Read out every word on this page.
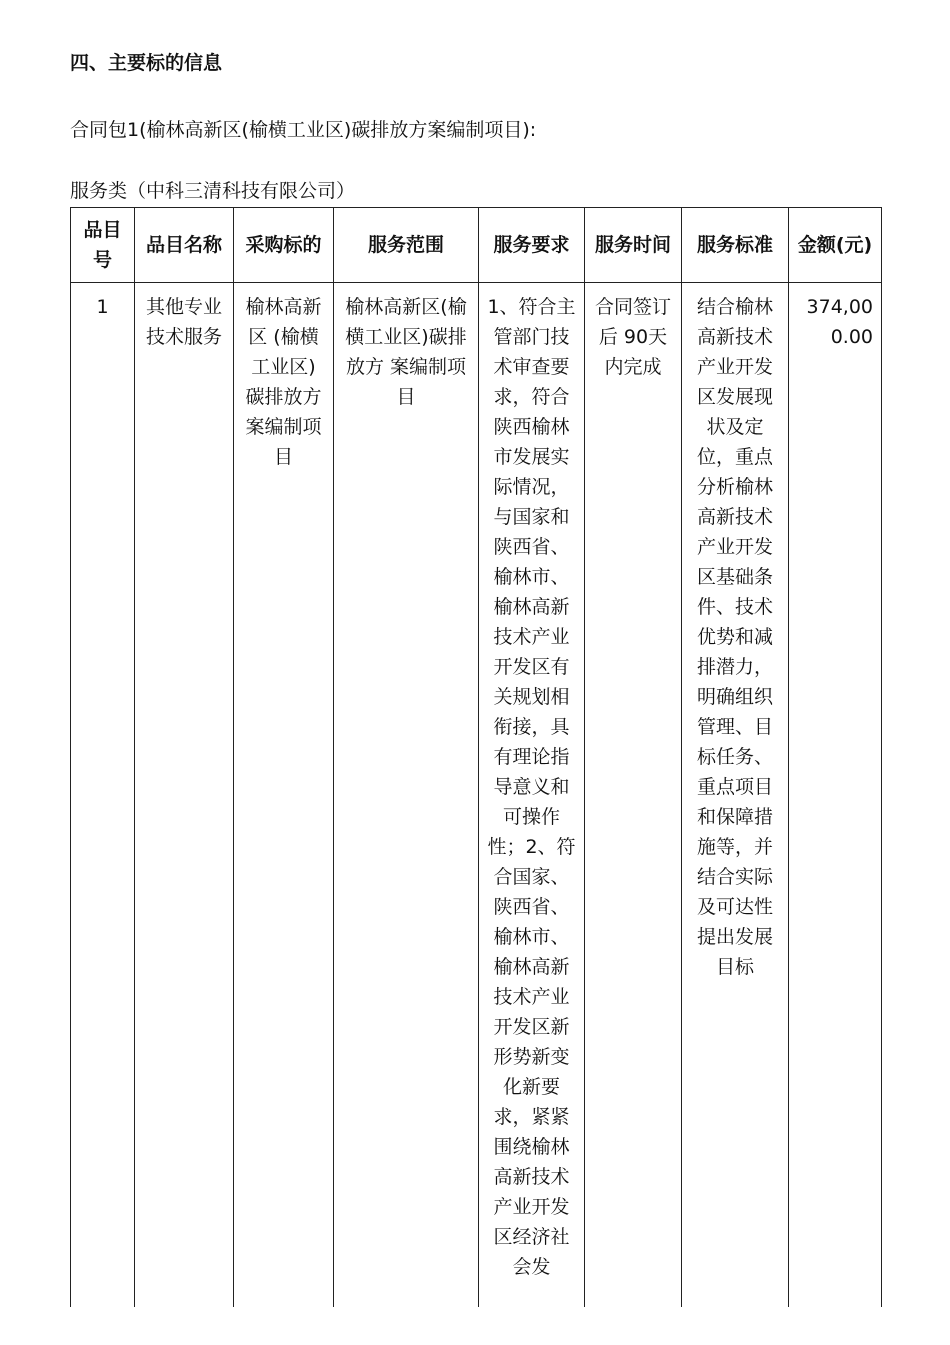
四、主要标的信息

合同包1(榆林高新区(榆横工业区)碳排放方案编制项目):

服务类（中科三清科技有限公司）

品目号	品目名称	采购标的	服务范围	服务要求	服务时间	服务标准	金额(元)
1	其他专业技术服务	榆林高新区 (榆横工业区)碳排放方 案编制项目	榆林高新区(榆横工业区)碳排放方 案编制项目	1、符合主管部门技术审查要求，符合陕西榆林市发展实际情况，与国家和陕西省、榆林市、榆林高新技术产业开发区有关规划相衔接，具有理论指导意义和可操作性；2、符合国家、陕西省、榆林市、榆林高新技术产业开发区新形势新变化新要求，紧紧围绕榆林高新技术产业开发区经济社会发	合同签订后 90天内完成	结合榆林高新技术产业开发区发展现状及定位，重点分析榆林高新技术产业开发区基础条件、技术优势和减排潜力，明确组织管理、目标任务、重点项目和保障措施等，并结合实际及可达性提出发展目标	374,000.00
